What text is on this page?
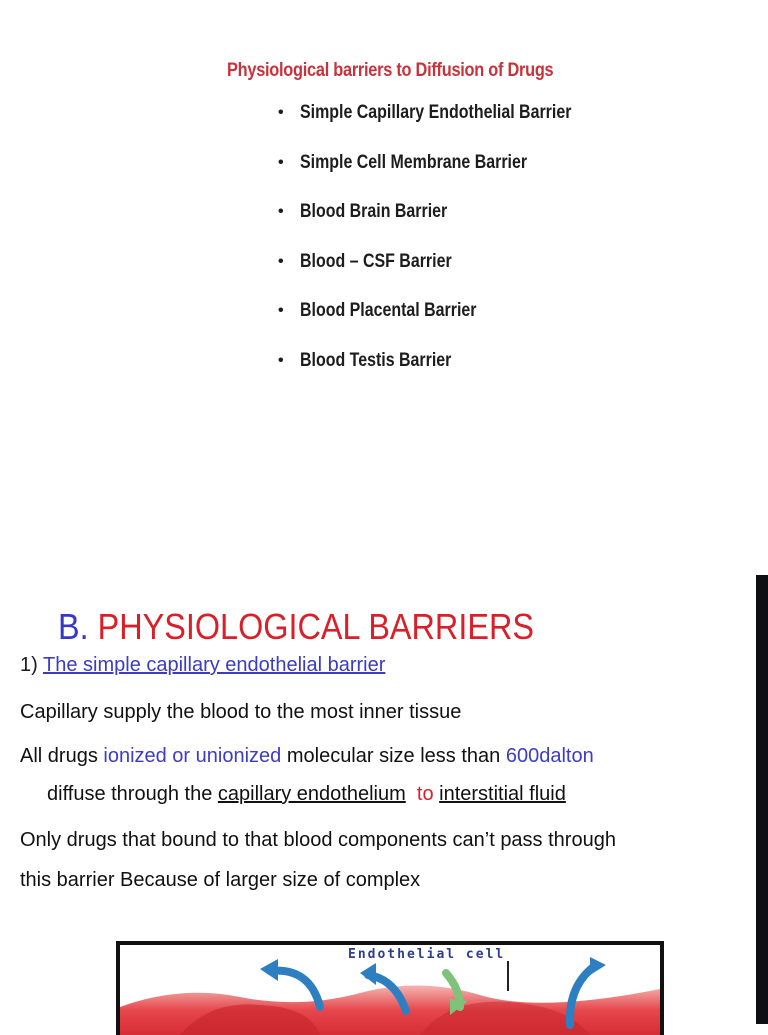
Physiological barriers to Diffusion of Drugs
• Simple Capillary Endothelial Barrier
• Simple Cell Membrane Barrier
• Blood Brain Barrier
• Blood – CSF Barrier
• Blood Placental Barrier
• Blood Testis Barrier
B. PHYSIOLOGICAL BARRIERS
1) The simple capillary endothelial barrier
Capillary supply the blood to the most inner tissue
All drugs ionized or unionized molecular size less than 600dalton
diffuse through the capillary endothelium to interstitial fluid
Only drugs that bound to that blood components can’t pass through
this barrier Because of larger size of complex
Endothelial cell
